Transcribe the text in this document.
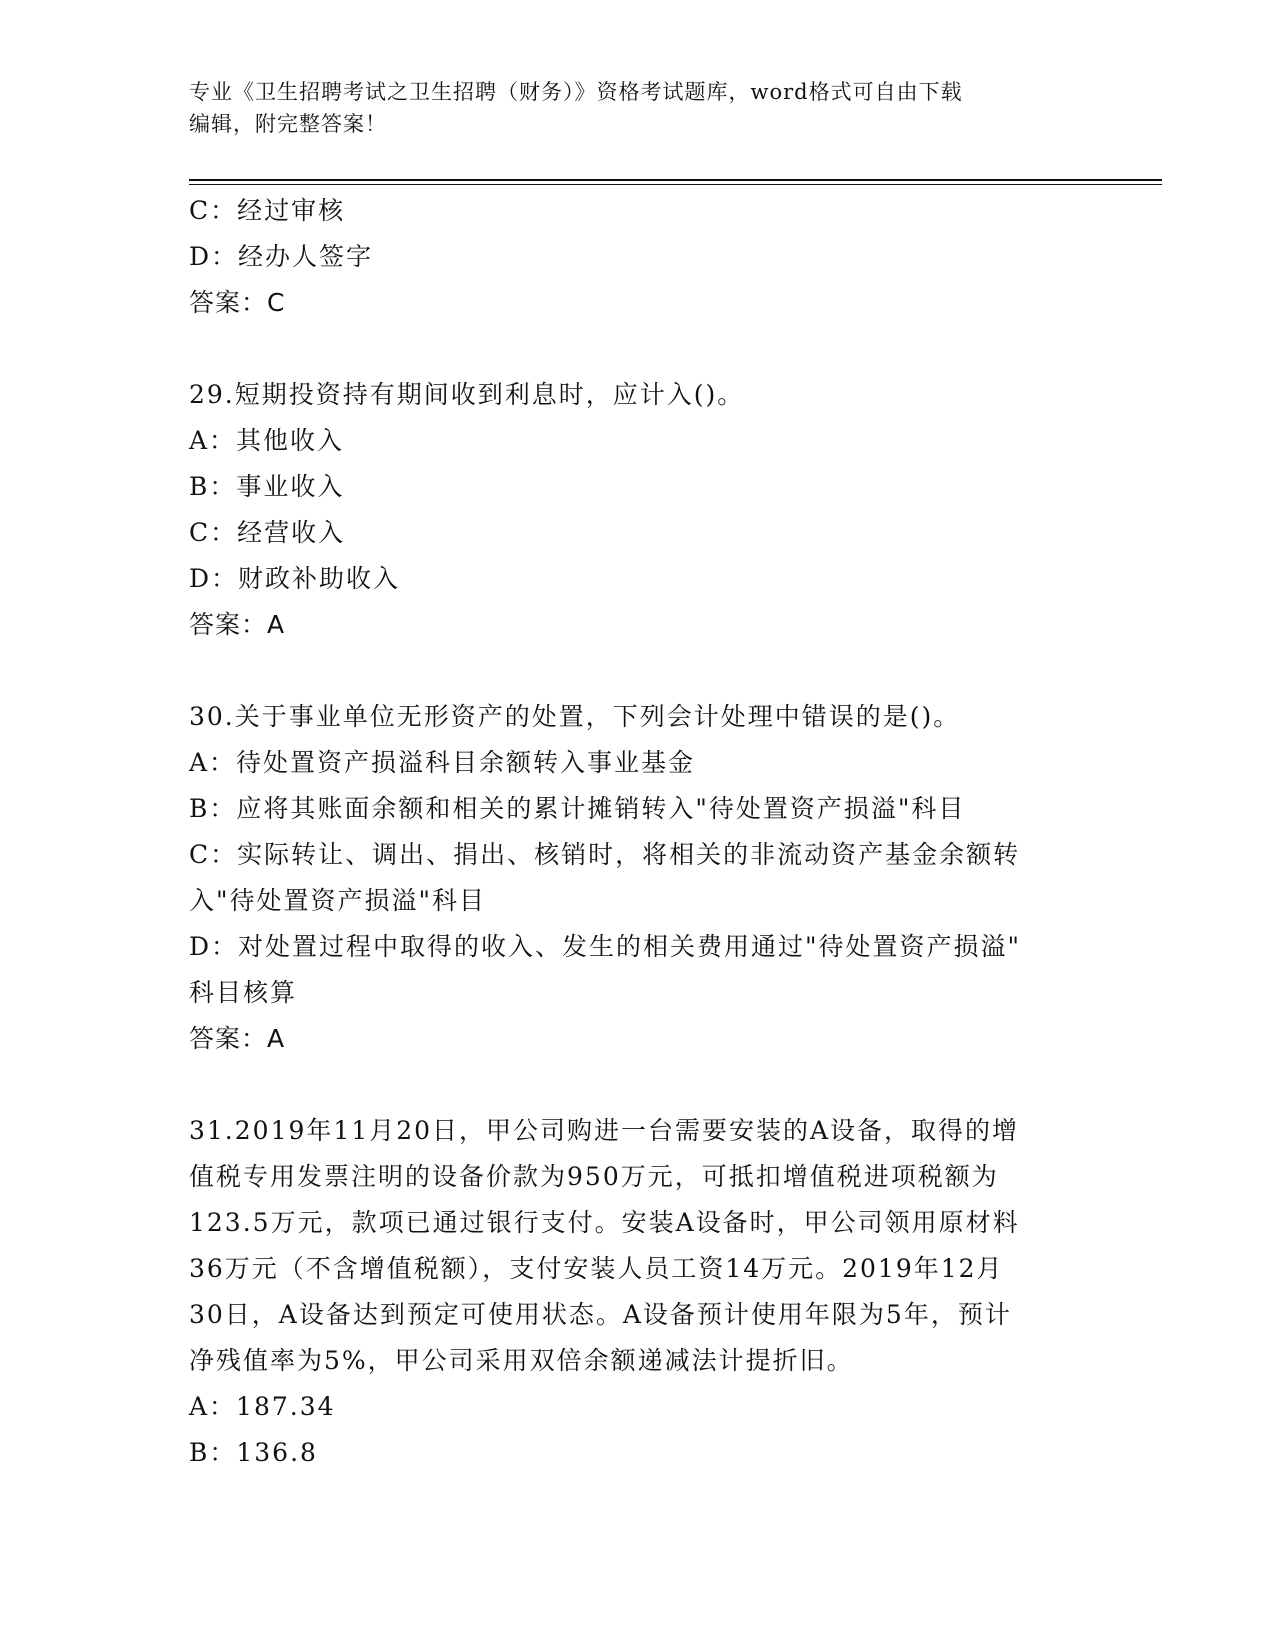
专业《卫生招聘考试之卫生招聘（财务）》资格考试题库，word格式可自由下载
编辑，附完整答案！

C：经过审核

D：经办人签字

答案：C

29.短期投资持有期间收到利息时，应计入()。

A：其他收入

B：事业收入

C：经营收入

D：财政补助收入

答案：A

30.关于事业单位无形资产的处置，下列会计处理中错误的是()。

A：待处置资产损溢科目余额转入事业基金

B：应将其账面余额和相关的累计摊销转入"待处置资产损溢"科目

C：实际转让、调出、捐出、核销时，将相关的非流动资产基金余额转

入"待处置资产损溢"科目

D：对处置过程中取得的收入、发生的相关费用通过"待处置资产损溢"

科目核算

答案：A

31.2019年11月20日，甲公司购进一台需要安装的A设备，取得的增

值税专用发票注明的设备价款为950万元，可抵扣增值税进项税额为

123.5万元，款项已通过银行支付。安装A设备时，甲公司领用原材料

36万元（不含增值税额），支付安装人员工资14万元。2019年12月

30日，A设备达到预定可使用状态。A设备预计使用年限为5年，预计

净残值率为5%，甲公司采用双倍余额递减法计提折旧。

A：187.34

B：136.8
